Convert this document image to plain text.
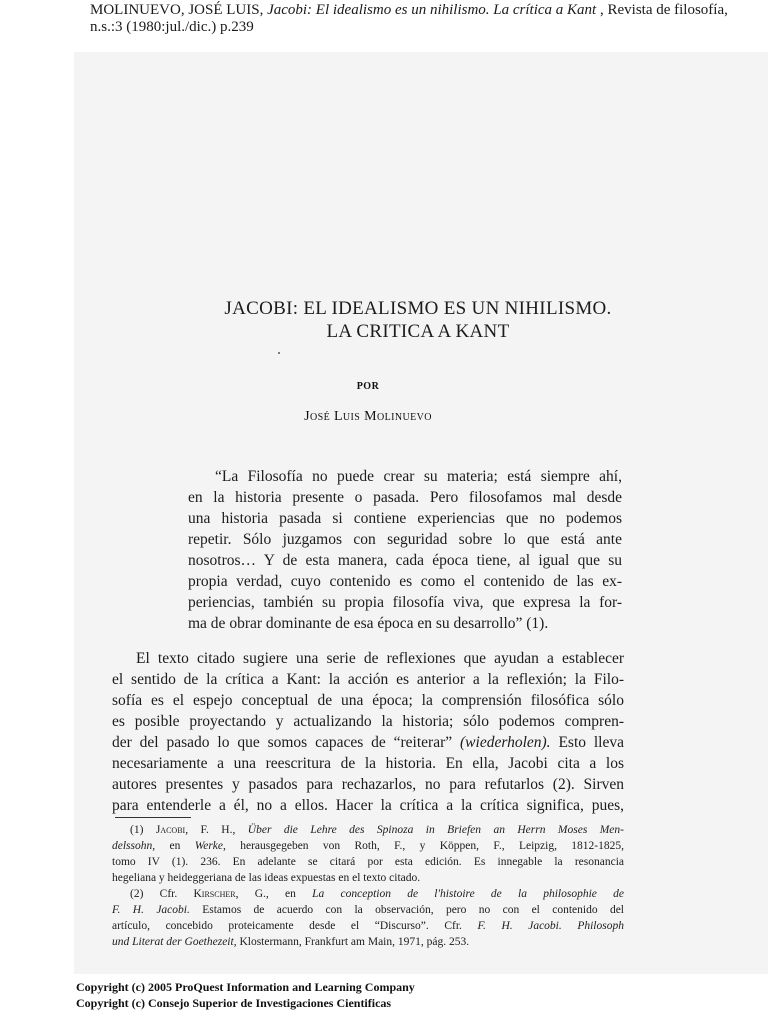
MOLINUEVO, JOSÉ LUIS, Jacobi: El idealismo es un nihilismo. La crítica a Kant , Revista de filosofía, n.s.:3 (1980:jul./dic.) p.239
JACOBI: EL IDEALISMO ES UN NIHILISMO.
LA CRITICA A KANT
POR
José Luis Molinuevo
“La Filosofía no puede crear su materia; está siempre ahí,
en la historia presente o pasada. Pero filosofamos mal desde
una historia pasada si contiene experiencias que no podemos
repetir. Sólo juzgamos con seguridad sobre lo que está ante
nosotros… Y de esta manera, cada época tiene, al igual que su
propia verdad, cuyo contenido es como el contenido de las ex-
periencias, también su propia filosofía viva, que expresa la for-
ma de obrar dominante de esa época en su desarrollo” (1).
El texto citado sugiere una serie de reflexiones que ayudan a establecer
el sentido de la crítica a Kant: la acción es anterior a la reflexión; la Filo-
sofía es el espejo conceptual de una época; la comprensión filosófica sólo
es posible proyectando y actualizando la historia; sólo podemos compren-
der del pasado lo que somos capaces de “reiterar” (wiederholen). Esto lleva
necesariamente a una reescritura de la historia. En ella, Jacobi cita a los
autores presentes y pasados para rechazarlos, no para refutarlos (2). Sirven
para entenderle a él, no a ellos. Hacer la crítica a la crítica significa, pues,
(1) Jacobi, F. H., Über die Lehre des Spinoza in Briefen an Herrn Moses Men-
delssohn, en Werke, herausgegeben von Roth, F., y Köppen, F., Leipzig, 1812-1825,
tomo IV (1). 236. En adelante se citará por esta edición. Es innegable la resonancia
hegeliana y heideggeriana de las ideas expuestas en el texto citado.
(2) Cfr. Kirscher, G., en La conception de l'histoire de la philosophie de
F. H. Jacobi. Estamos de acuerdo con la observación, pero no con el contenido del
artículo, concebido proteicamente desde el “Discurso”. Cfr. F. H. Jacobi. Philosoph
und Literat der Goethezeit, Klostermann, Frankfurt am Main, 1971, pág. 253.
Copyright (c) 2005 ProQuest Information and Learning Company
Copyright (c) Consejo Superior de Investigaciones Cientificas
